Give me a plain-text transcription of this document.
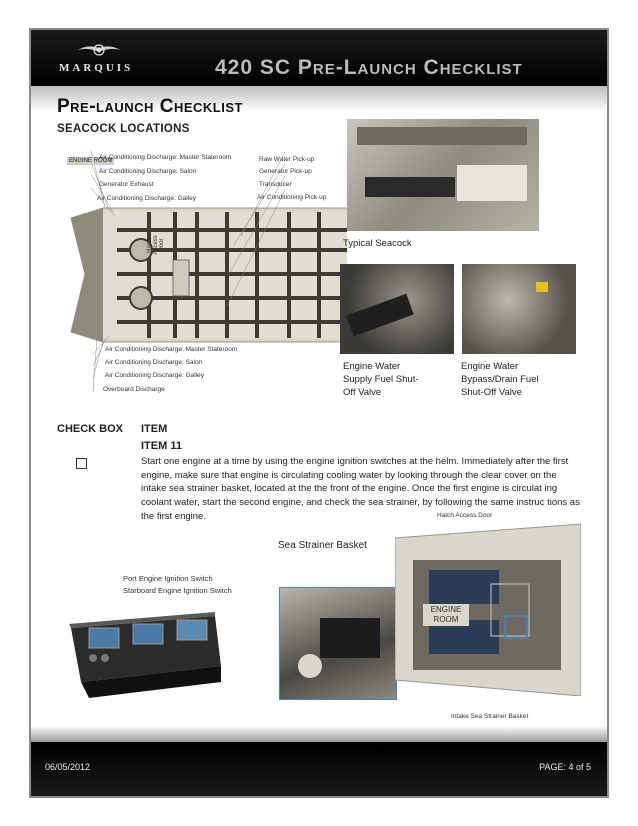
MARQUIS	420 SC Pre-Launch Checklist
Pre-launch Checklist
SEACOCK LOCATIONS
ENGINE ROOM
Hatch Access Door
Air Conditioning Discharge: Master Stateroom
Air Conditioning Discharge: Salon
Generator Exhaust
Air Conditioning Discharge: Galley
Raw Water Pick-up
Generator Pick-up
Transducer
Air Conditioning Pick-up
Air Conditioning Discharge: Master Stateroom
Air Conditioning Discharge: Salon
Air Conditioning Discharge: Galley
Overboard Discharge
Typical Seacock
Engine Water Supply Fuel Shut-Off Valve
Engine Water Bypass/Drain Fuel Shut-Off Valve
CHECK BOX ITEM
ITEM 11
Start one engine at a time by using the engine ignition switches at the helm. Immediately after the first engine, make sure that engine is circulating cooling water by looking through the clear cover on the intake sea strainer basket, located at the the front of the engine. Once the first engine is circulat ing coolant water, start the second engine, and check the sea strainer, by following the same instruc tions as the first engine.	Hatch Access Door
Sea Strainer Basket
Port Engine Ignition Switch
Starboard Engine Ignition Switch
ENGINE ROOM
Intake Sea Strainer Basket
06/05/2012	PAGE: 4 of 5
